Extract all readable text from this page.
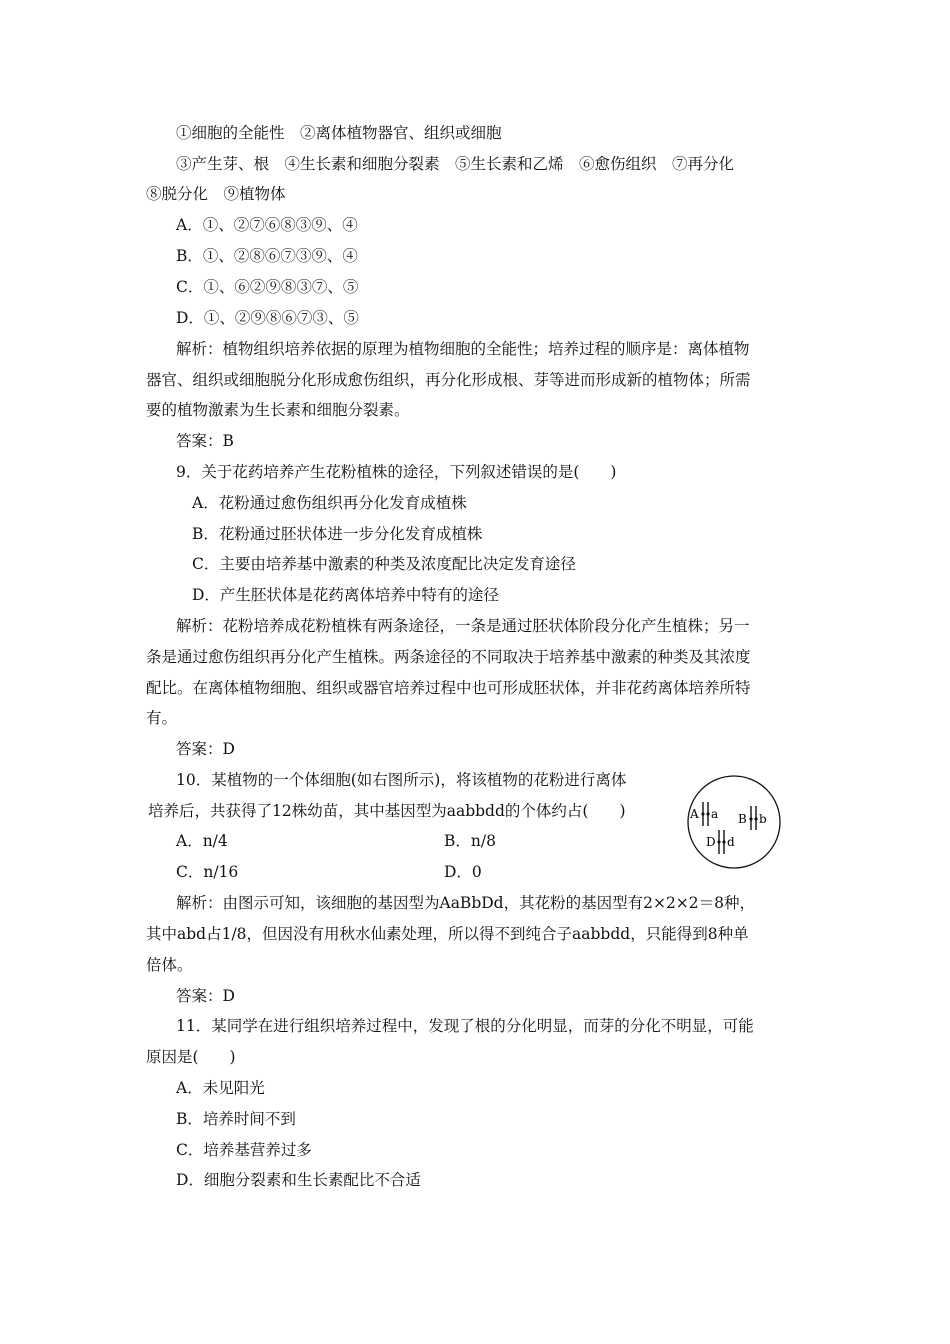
①细胞的全能性　②离体植物器官、组织或细胞
③产生芽、根　④生长素和细胞分裂素　⑤生长素和乙烯　⑥愈伤组织　⑦再分化
⑧脱分化　⑨植物体
A．①、②⑦⑥⑧③⑨、④
B．①、②⑧⑥⑦③⑨、④
C．①、⑥②⑨⑧③⑦、⑤
D．①、②⑨⑧⑥⑦③、⑤
解析：植物组织培养依据的原理为植物细胞的全能性；培养过程的顺序是：离体植物
器官、组织或细胞脱分化形成愈伤组织，再分化形成根、芽等进而形成新的植物体；所需
要的植物激素为生长素和细胞分裂素。
答案：B
9．关于花药培养产生花粉植株的途径，下列叙述错误的是(　　)
A．花粉通过愈伤组织再分化发育成植株
B．花粉通过胚状体进一步分化发育成植株
C．主要由培养基中激素的种类及浓度配比决定发育途径
D．产生胚状体是花药离体培养中特有的途径
解析：花粉培养成花粉植株有两条途径，一条是通过胚状体阶段分化产生植株；另一
条是通过愈伤组织再分化产生植株。两条途径的不同取决于培养基中激素的种类及其浓度
配比。在离体植物细胞、组织或器官培养过程中也可形成胚状体，并非花药离体培养所特
有。
答案：D
10．某植物的一个体细胞(如右图所示)，将该植物的花粉进行离体
培养后，共获得了12株幼苗，其中基因型为aabbdd的个体约占(　　)
A．n/4	B．n/8
C．n/16	D．0
A a B b
D d
解析：由图示可知，该细胞的基因型为AaBbDd，其花粉的基因型有2×2×2＝8种，
其中abd占1/8，但因没有用秋水仙素处理，所以得不到纯合子aabbdd，只能得到8种单
倍体。
答案：D
11．某同学在进行组织培养过程中，发现了根的分化明显，而芽的分化不明显，可能
原因是(　　)
A．未见阳光
B．培养时间不到
C．培养基营养过多
D．细胞分裂素和生长素配比不合适
